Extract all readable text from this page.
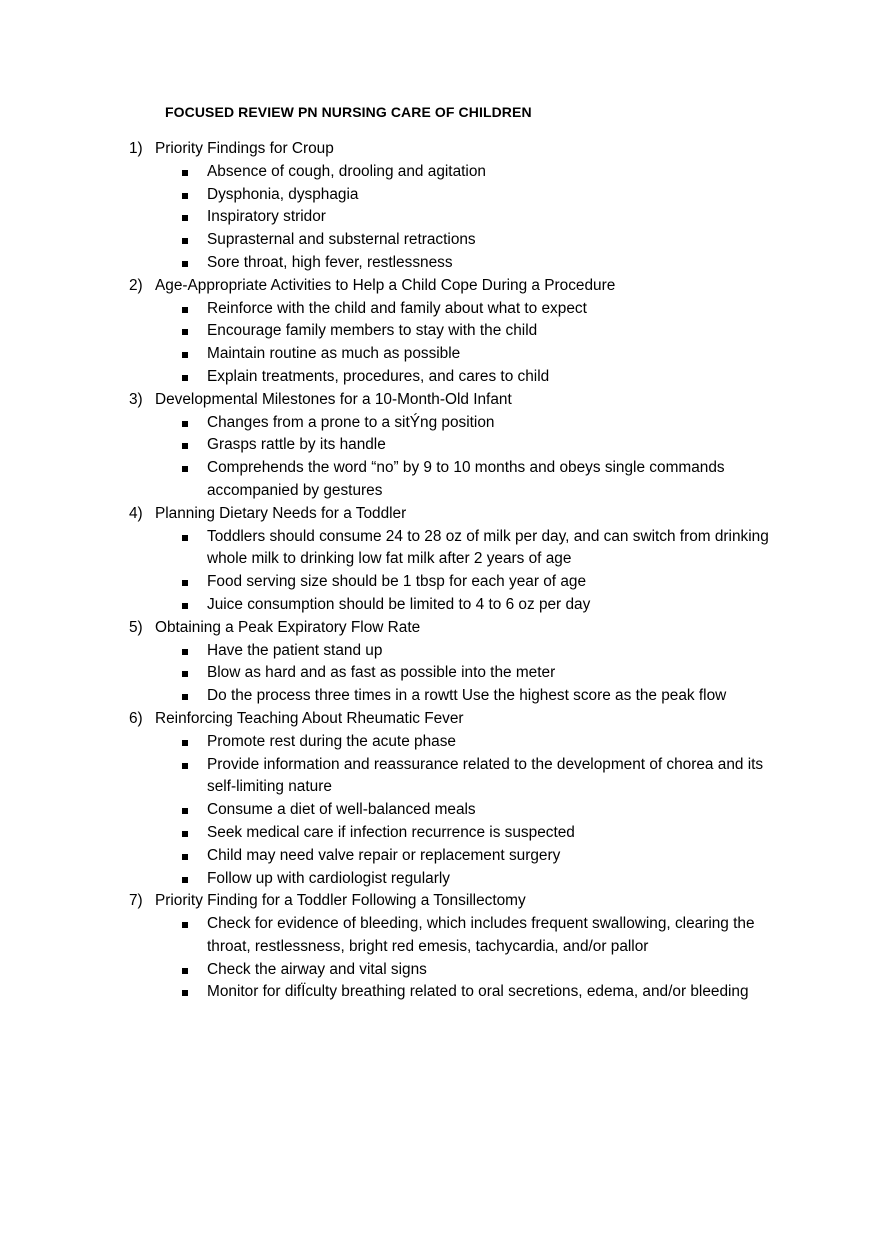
FOCUSED REVIEW PN NURSING CARE OF CHILDREN
1) Priority Findings for Croup
Absence of cough, drooling and agitation
Dysphonia, dysphagia
Inspiratory stridor
Suprasternal and substernal retractions
Sore throat, high fever, restlessness
2) Age-Appropriate Activities to Help a Child Cope During a Procedure
Reinforce with the child and family about what to expect
Encourage family members to stay with the child
Maintain routine as much as possible
Explain treatments, procedures, and cares to child
3) Developmental Milestones for a 10-Month-Old Infant
Changes from a prone to a sitÝng position
Grasps rattle by its handle
Comprehends the word “no” by 9 to 10 months and obeys single commands accompanied by gestures
4) Planning Dietary Needs for a Toddler
Toddlers should consume 24 to 28 oz of milk per day, and can switch from drinking whole milk to drinking low fat milk after 2 years of age
Food serving size should be 1 tbsp for each year of age
Juice consumption should be limited to 4 to 6 oz per day
5) Obtaining a Peak Expiratory Flow Rate
Have the patient stand up
Blow as hard and as fast as possible into the meter
Do the process three times in a rowtt Use the highest score as the peak flow
6) Reinforcing Teaching About Rheumatic Fever
Promote rest during the acute phase
Provide information and reassurance related to the development of chorea and its self-limiting nature
Consume a diet of well-balanced meals
Seek medical care if infection recurrence is suspected
Child may need valve repair or replacement surgery
Follow up with cardiologist regularly
7) Priority Finding for a Toddler Following a Tonsillectomy
Check for evidence of bleeding, which includes frequent swallowing, clearing the throat, restlessness, bright red emesis, tachycardia, and/or pallor
Check the airway and vital signs
Monitor for difÏculty breathing related to oral secretions, edema, and/or bleeding
